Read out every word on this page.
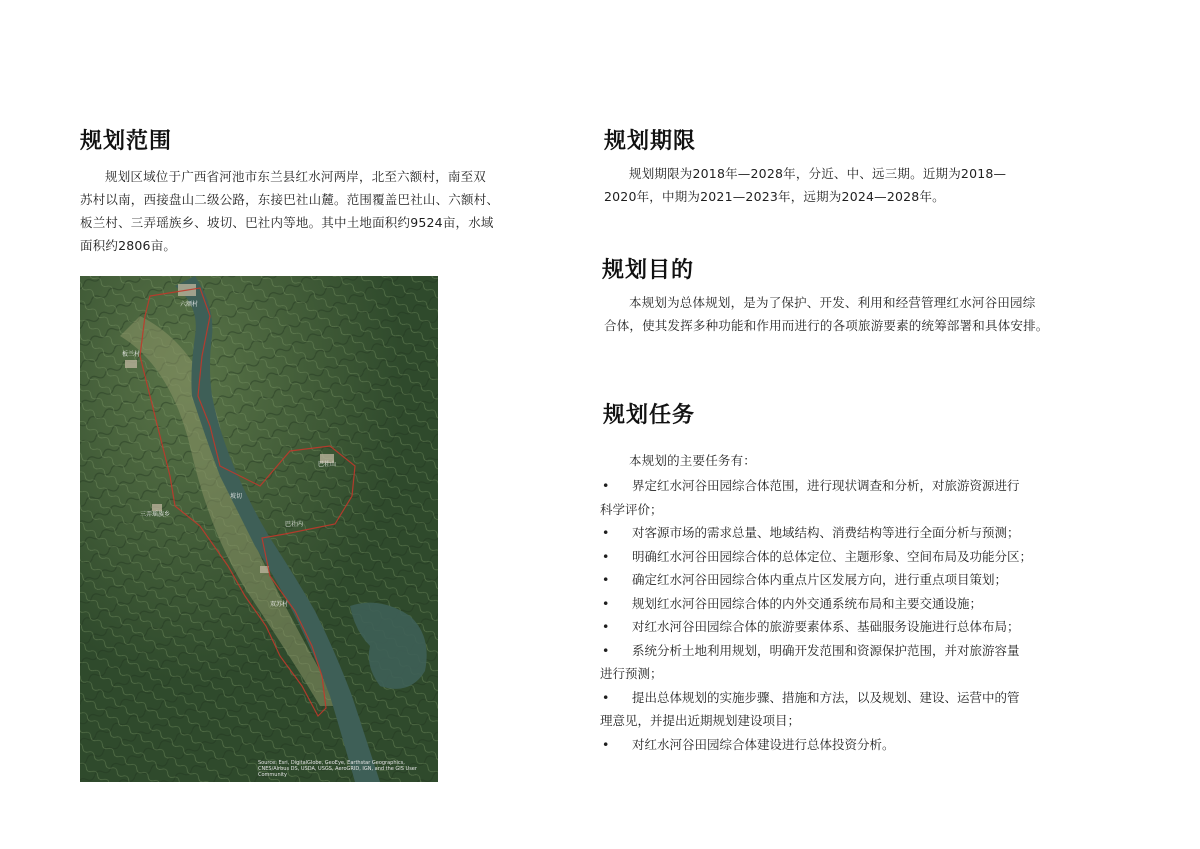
规划范围
规划区域位于广西省河池市东兰县红水河两岸，北至六额村，南至双
苏村以南，西接盘山二级公路，东接巴社山麓。范围覆盖巴社山、六额村、
板兰村、三弄瑶族乡、坡切、巴社内等地。其中土地面积约9524亩，水域
面积约2806亩。
六额村
板兰村
巴社山
三弄瑶族乡
坡切
巴社内
双苏村
Source: Esri, DigitalGlobe, GeoEye, Earthstar Geographics, CNES/Airbus DS, USDA, USGS, AeroGRID, IGN, and the GIS User Community
规划期限
规划期限为2018年—2028年，分近、中、远三期。近期为2018—
2020年，中期为2021—2023年，远期为2024—2028年。
规划目的
本规划为总体规划，是为了保护、开发、利用和经营管理红水河谷田园综
合体，使其发挥多种功能和作用而进行的各项旅游要素的统筹部署和具体安排。
规划任务
本规划的主要任务有：
• 界定红水河谷田园综合体范围，进行现状调查和分析，对旅游资源进行
科学评价；
• 对客源市场的需求总量、地域结构、消费结构等进行全面分析与预测；
• 明确红水河谷田园综合体的总体定位、主题形象、空间布局及功能分区；
• 确定红水河谷田园综合体内重点片区发展方向，进行重点项目策划；
• 规划红水河谷田园综合体的内外交通系统布局和主要交通设施；
• 对红水河谷田园综合体的旅游要素体系、基础服务设施进行总体布局；
• 系统分析土地利用规划，明确开发范围和资源保护范围，并对旅游容量
进行预测；
• 提出总体规划的实施步骤、措施和方法，以及规划、建设、运营中的管
理意见，并提出近期规划建设项目；
• 对红水河谷田园综合体建设进行总体投资分析。
